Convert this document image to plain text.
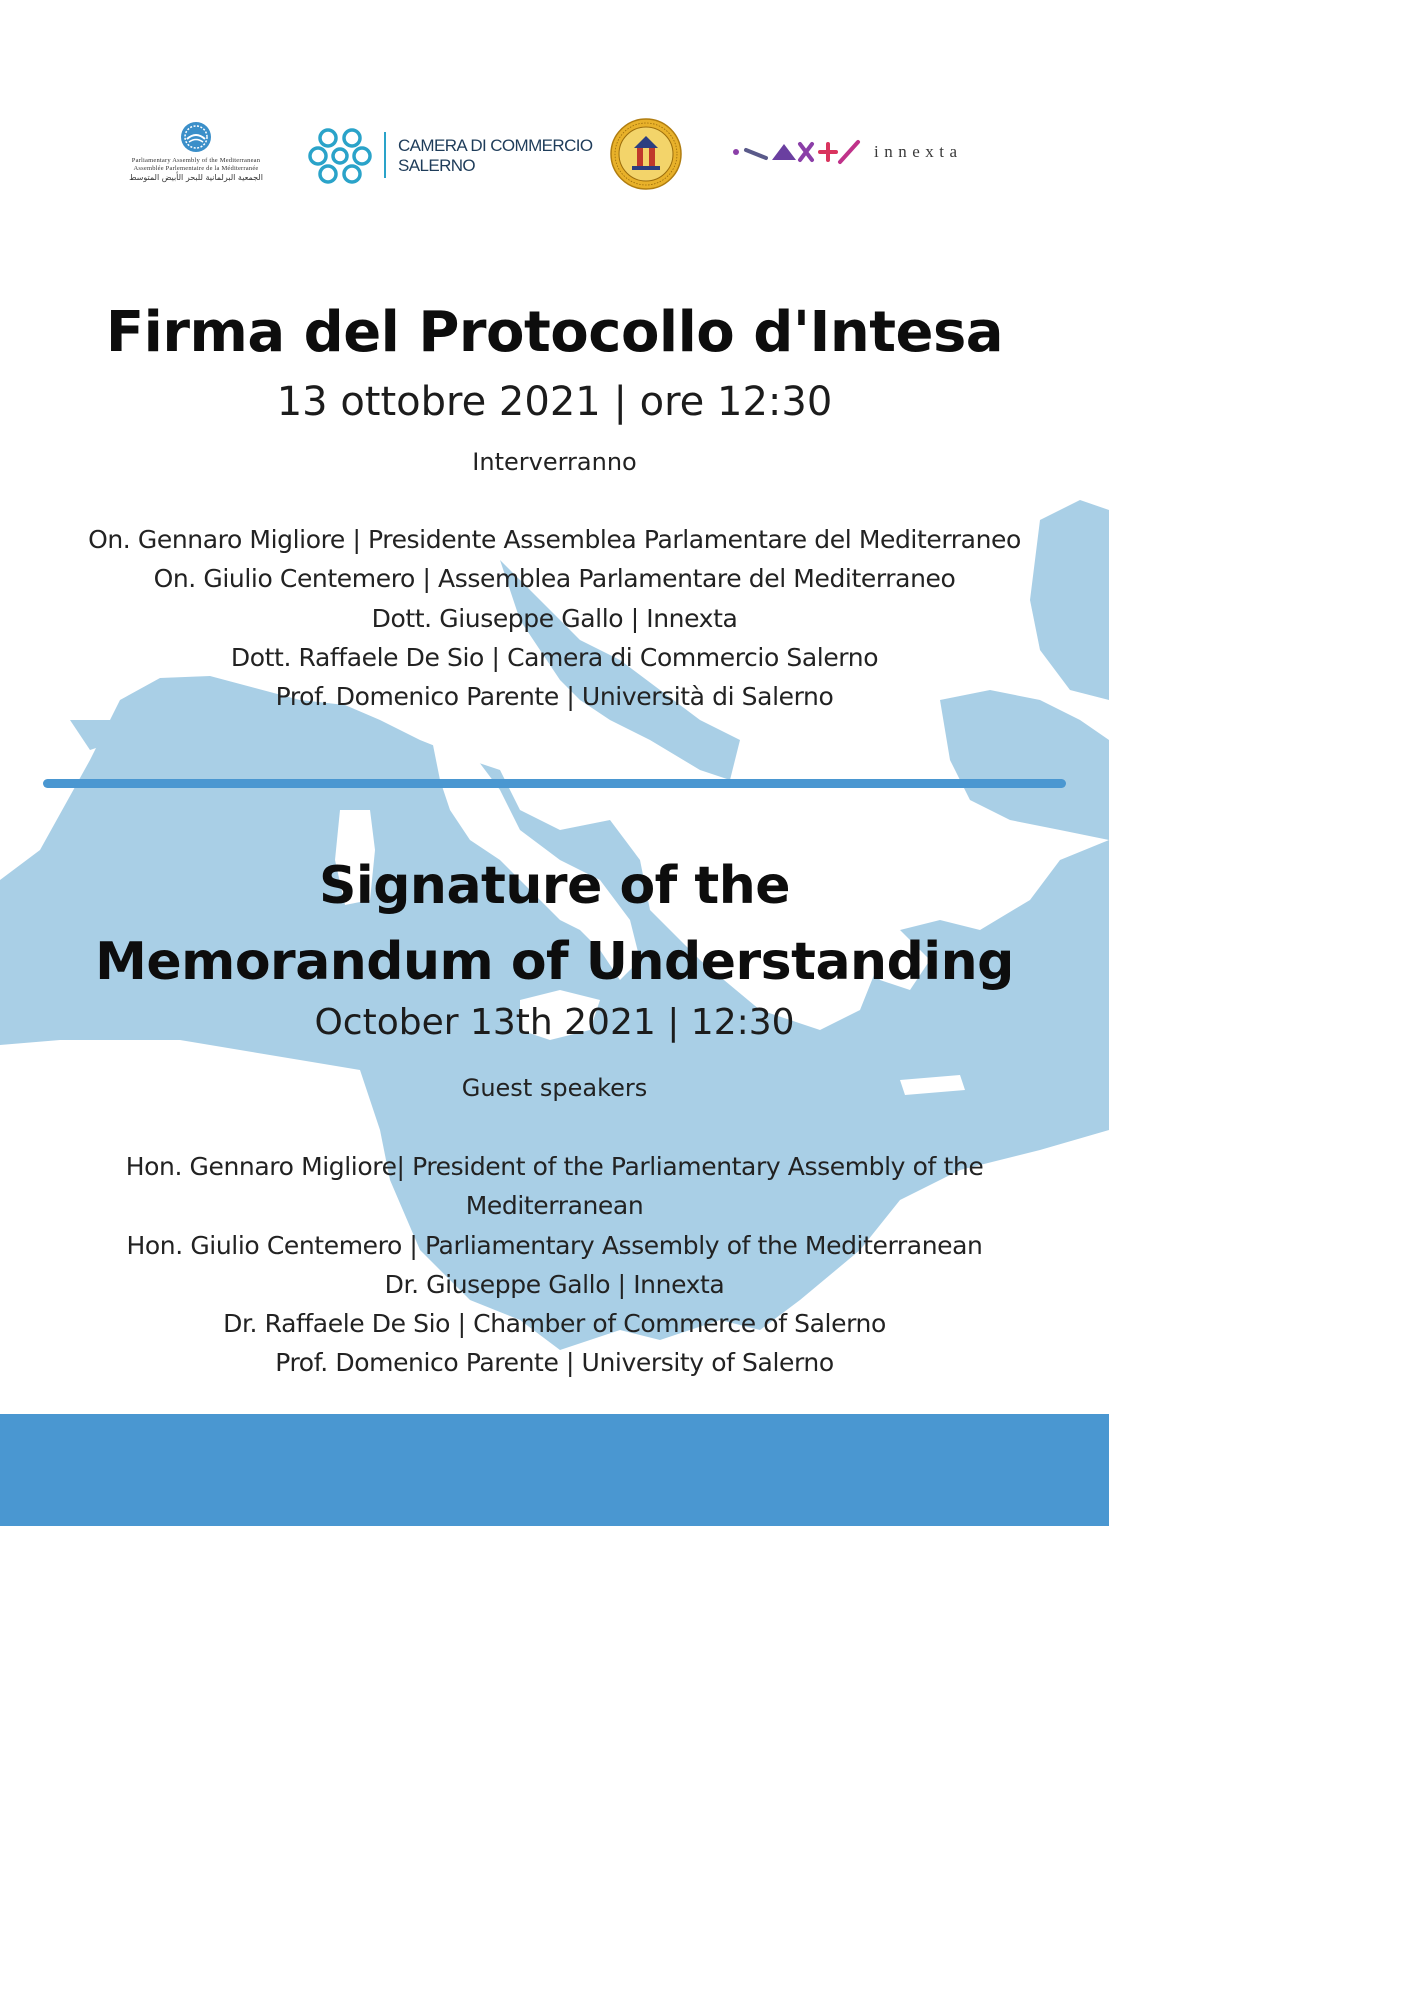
Parliamentary Assembly of the Mediterranean
Assemblée Parlementaire de la Méditerranée
الجمعية البرلمانية للبحر الأبيض المتوسط
CAMERA DI COMMERCIO
SALERNO
innexta
Firma del Protocollo d'Intesa
13 ottobre 2021 | ore 12:30
Interverranno
On. Gennaro Migliore | Presidente Assemblea Parlamentare del Mediterraneo
On. Giulio Centemero | Assemblea Parlamentare del Mediterraneo
Dott. Giuseppe Gallo | Innexta
Dott. Raffaele De Sio | Camera di Commercio Salerno
Prof. Domenico Parente | Università di Salerno
Signature of the
Memorandum of Understanding
October 13th 2021 | 12:30
Guest speakers
Hon. Gennaro Migliore| President of the Parliamentary Assembly of the
Mediterranean
Hon. Giulio Centemero | Parliamentary Assembly of the Mediterranean
Dr. Giuseppe Gallo | Innexta
Dr. Raffaele De Sio | Chamber of Commerce of Salerno
Prof. Domenico Parente | University of Salerno
